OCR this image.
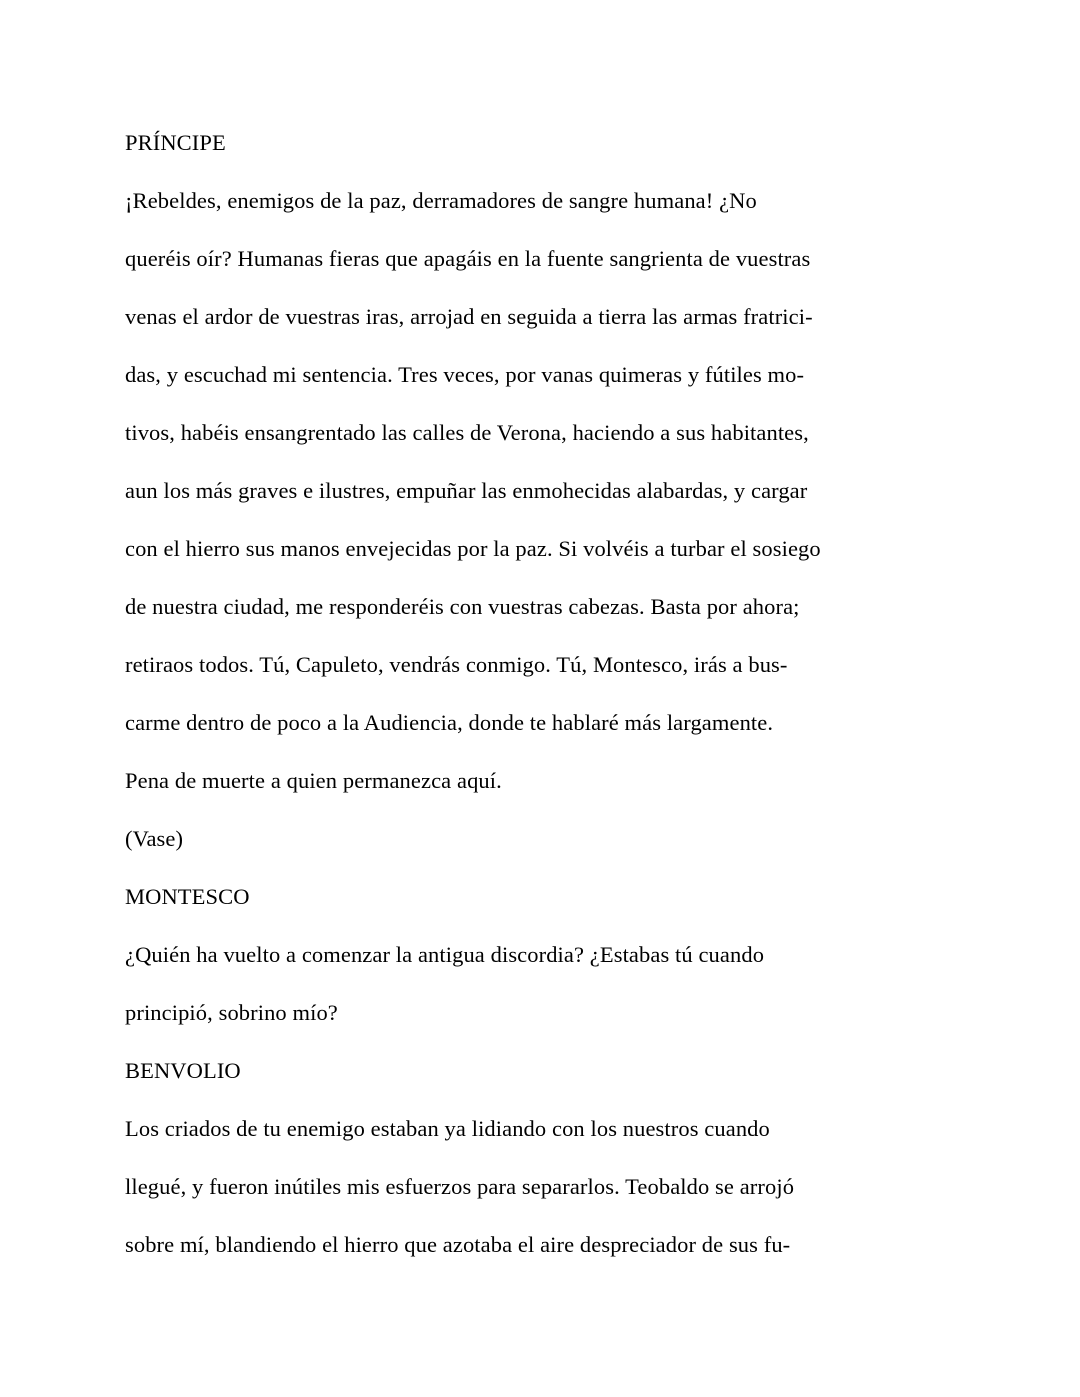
PRÍNCIPE
¡Rebeldes, enemigos de la paz, derramadores de sangre humana! ¿No
queréis oír? Humanas fieras que apagáis en la fuente sangrienta de vuestras
venas el ardor de vuestras iras, arrojad en seguida a tierra las armas fratrici-
das, y escuchad mi sentencia. Tres veces, por vanas quimeras y fútiles mo-
tivos, habéis ensangrentado las calles de Verona, haciendo a sus habitantes,
aun los más graves e ilustres, empuñar las enmohecidas alabardas, y cargar
con el hierro sus manos envejecidas por la paz. Si volvéis a turbar el sosiego
de nuestra ciudad, me responderéis con vuestras cabezas. Basta por ahora;
retiraos todos. Tú, Capuleto, vendrás conmigo. Tú, Montesco, irás a bus-
carme dentro de poco a la Audiencia, donde te hablaré más largamente.
Pena de muerte a quien permanezca aquí.
(Vase)
MONTESCO
¿Quién ha vuelto a comenzar la antigua discordia? ¿Estabas tú cuando
principió, sobrino mío?
BENVOLIO
Los criados de tu enemigo estaban ya lidiando con los nuestros cuando
llegué, y fueron inútiles mis esfuerzos para separarlos. Teobaldo se arrojó
sobre mí, blandiendo el hierro que azotaba el aire despreciador de sus fu-
